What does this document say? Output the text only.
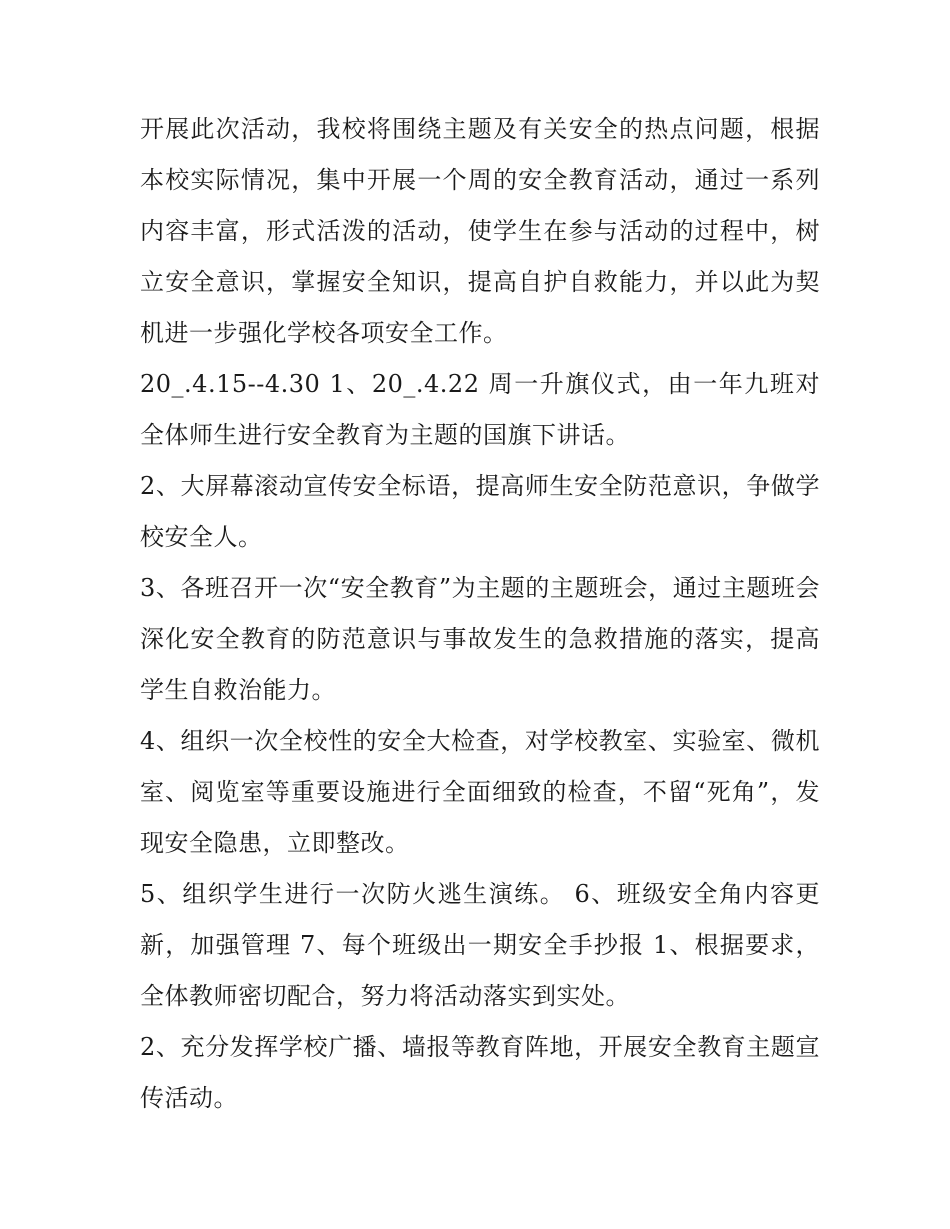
开展此次活动，我校将围绕主题及有关安全的热点问题，根据本校实际情况，集中开展一个周的安全教育活动，通过一系列内容丰富，形式活泼的活动，使学生在参与活动的过程中，树立安全意识，掌握安全知识，提高自护自救能力，并以此为契机进一步强化学校各项安全工作。

20_.4.15--4.30 1、20_.4.22 周一升旗仪式，由一年九班对全体师生进行安全教育为主题的国旗下讲话。

2、大屏幕滚动宣传安全标语，提高师生安全防范意识，争做学校安全人。

3、各班召开一次“安全教育”为主题的主题班会，通过主题班会深化安全教育的防范意识与事故发生的急救措施的落实，提高学生自救治能力。

4、组织一次全校性的安全大检查，对学校教室、实验室、微机室、阅览室等重要设施进行全面细致的检查，不留“死角”，发现安全隐患，立即整改。

5、组织学生进行一次防火逃生演练。 6、班级安全角内容更新，加强管理 7、每个班级出一期安全手抄报 1、根据要求，全体教师密切配合，努力将活动落实到实处。

2、充分发挥学校广播、墙报等教育阵地，开展安全教育主题宣传活动。
